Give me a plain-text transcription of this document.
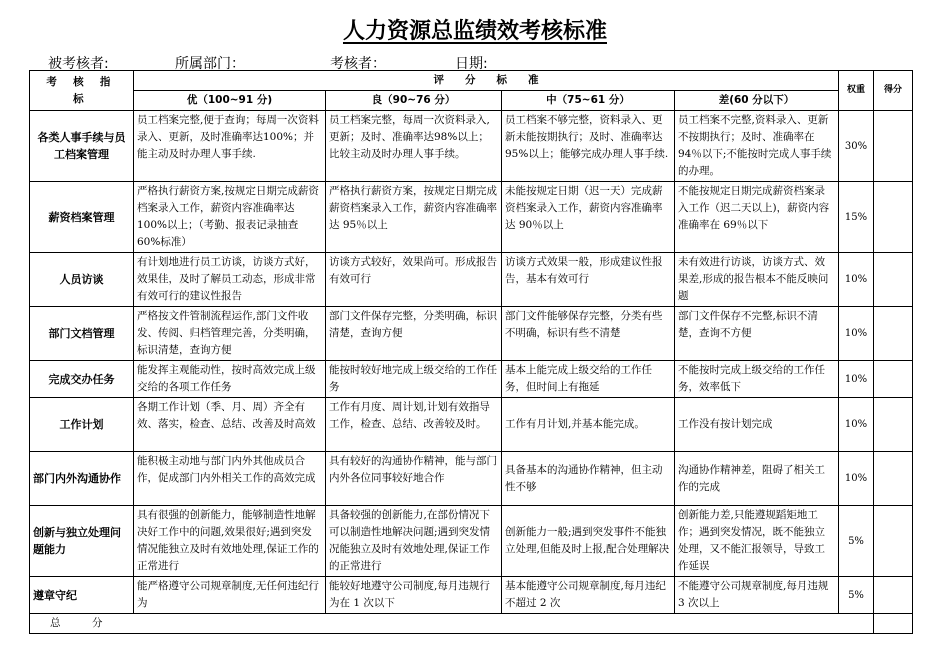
人力资源总监绩效考核标准
被考核者:	所属部门：	考核者：	日期:
考 核 指 标	评　　分　　标　　准				权重	得分
	优（100~91 分)	良（90~76 分）	中（75~61 分）	差(60 分以下）		
各类人事手续与员工档案管理	员工档案完整,便于查询；每周一次资料录入、更新，及时准确率达100%；并能主动及时办理人事手续.	员工档案完整，每周一次资料录入,更新；及时、准确率达98%以上；比较主动及时办理人事手续。	员工档案不够完整，资料录入、更新未能按期执行；及时、准确率达 95%以上；能够完成办理人事手续.	员工档案不完整,资料录入、更新不按期执行；及时、准确率在 94％以下;不能按时完成人事手续的办理。	30%	
薪资档案管理	严格执行薪资方案,按规定日期完成薪资档案录入工作，薪资内容准确率达 100%以上；（考勤、报表记录抽查 60%标准）	严格执行薪资方案，按规定日期完成薪资档案录入工作，薪资内容准确率达 95％以上	未能按规定日期（迟一天）完成薪资档案录入工作，薪资内容准确率达 90％以上	不能按规定日期完成薪资档案录入工作（迟二天以上)，薪资内容准确率在 69％以下	15%	
人员访谈	有计划地进行员工访谈，访谈方式好，效果佳，及时了解员工动态，形成非常有效可行的建议性报告	访谈方式较好，效果尚可。形成报告有效可行	访谈方式效果一般，形成建议性报告，基本有效可行	未有效进行访谈，访谈方式、效果差,形成的报告根本不能反映问题	10%	
部门文档管理	严格按文件管制流程运作,部门文件收发、传阅、归档管理完善，分类明确，标识清楚，查询方便	部门文件保存完整，分类明确，标识清楚，查询方便	部门文件能够保存完整，分类有些不明确，标识有些不清楚	部门文件保存不完整,标识不清楚，查询不方便	10%	
完成交办任务	能发挥主观能动性，按时高效完成上级交给的各项工作任务	能按时较好地完成上级交给的工作任务	基本上能完成上级交给的工作任务，但时间上有拖延	不能按时完成上级交给的工作任务，效率低下	10%	
工作计划	各期工作计划（季、月、周）齐全有效、落实，检查、总结、改善及时高效	工作有月度、周计划,计划有效指导工作，检查、总结、改善较及时。	工作有月计划,并基本能完成。	工作没有按计划完成	10%	
部门内外沟通协作	能积极主动地与部门内外其他成员合作，促成部门内外相关工作的高效完成	具有较好的沟通协作精神，能与部门内外各位同事较好地合作	具备基本的沟通协作精神，但主动性不够	沟通协作精神差，阻碍了相关工作的完成	10%	
创新与独立处理问题能力	具有很强的创新能力，能够制造性地解决好工作中的问题,效果很好;遇到突发情况能独立及时有效地处理,保证工作的正常进行	具备较强的创新能力,在部份情况下可以制造性地解决问题;遇到突发情况能独立及时有效地处理,保证工作的正常进行	创新能力一般;遇到突发事件不能独立处理,但能及时上报,配合处理解决	创新能力差,只能遵规蹈矩地工作；遇到突发情况，既不能独立处理，又不能汇报领导，导致工作延误	5%	
遵章守纪	能严格遵守公司规章制度,无任何违纪行为	能较好地遵守公司制度,每月违规行为在 1 次以下	基本能遵守公司规章制度,每月违纪不超过 2 次	不能遵守公司规章制度,每月违规 3 次以上	5%	
总　分						
